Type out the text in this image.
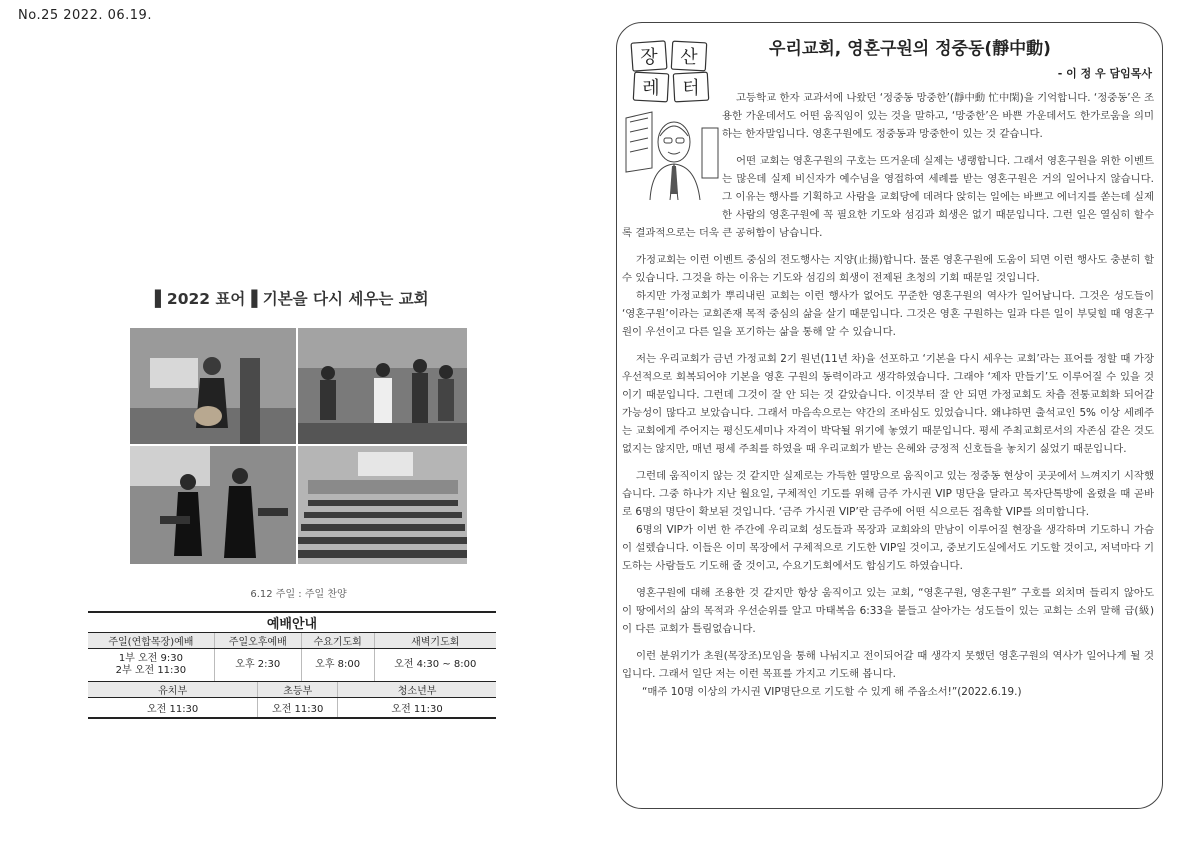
No.25 2022. 06.19.
▌2022 표어▐ 기본을 다시 세우는 교회
6.12 주일 : 주일 찬양
예배안내					
주일(연합목장)예배	주일오후예배		수요기도회		새벽기도회
1부 오전 9:30
2부 오전 11:30	오후 2:30		오후 8:00		오전 4:30 ~ 8:00
유치부		초등부		청소년부	
오전 11:30		오전 11:30		오전 11:30	
장 산
레 터
우리교회, 영혼구원의 정중동(靜中動)
- 이 정 우 담임목사

고등학교 한자 교과서에 나왔던 ‘정중동 망중한’(靜中動 忙中閑)을 기억합니다. ‘정중동’은 조용한 가운데서도 어떤 움직임이 있는 것을 말하고, ‘망중한’은 바쁜 가운데서도 한가로움을 의미하는 한자말입니다. 영혼구원에도 정중동과 망중한이 있는 것 같습니다.

어떤 교회는 영혼구원의 구호는 뜨거운데 실제는 냉랭합니다. 그래서 영혼구원을 위한 이벤트는 많은데 실제 비신자가 예수님을 영접하여 세례를 받는 영혼구원은 거의 일어나지 않습니다. 그 이유는 행사를 기획하고 사람을 교회당에 데려다 앉히는 일에는 바쁘고 에너지를 쏟는데 실제 한 사람의 영혼구원에 꼭 필요한 기도와 섬김과 희생은 없기 때문입니다. 그런 일은 열심히 할수록 결과적으로는 더욱 큰 공허함이 남습니다.

가정교회는 이런 이벤트 중심의 전도행사는 지양(止揚)합니다. 물론 영혼구원에 도움이 되면 이런 행사도 충분히 할 수 있습니다. 그것을 하는 이유는 기도와 섬김의 희생이 전제된 초청의 기회 때문일 것입니다.

하지만 가정교회가 뿌리내린 교회는 이런 행사가 없어도 꾸준한 영혼구원의 역사가 일어납니다. 그것은 성도들이 ‘영혼구원’이라는 교회존재 목적 중심의 삶을 살기 때문입니다. 그것은 영혼 구원하는 일과 다른 일이 부딪힐 때 영혼구원이 우선이고 다른 일을 포기하는 삶을 통해 알 수 있습니다.

저는 우리교회가 금년 가정교회 2기 원년(11년 차)을 선포하고 ‘기본을 다시 세우는 교회’라는 표어를 정할 때 가장 우선적으로 회복되어야 기본을 영혼 구원의 동력이라고 생각하였습니다. 그래야 ‘제자 만들기’도 이루어질 수 있을 것이기 때문입니다. 그런데 그것이 잘 안 되는 것 같았습니다. 이것부터 잘 안 되면 가정교회도 차츰 전통교회화 되어갈 가능성이 많다고 보았습니다. 그래서 마음속으로는 약간의 조바심도 있었습니다. 왜냐하면 출석교인 5% 이상 세례주는 교회에게 주어지는 평신도세미나 자격이 박닥될 위기에 놓였기 때문입니다. 평세 주최교회로서의 자존심 같은 것도 없지는 않지만, 매년 평세 주최를 하였을 때 우리교회가 받는 은혜와 긍정적 신호들을 놓치기 싫었기 때문입니다.

그런데 움직이지 않는 것 같지만 실제로는 가득한 열망으로 움직이고 있는 정중동 현상이 곳곳에서 느껴지기 시작했습니다. 그중 하나가 지난 월요일, 구체적인 기도를 위해 금주 가시권 VIP 명단을 달라고 목자단톡방에 올렸을 때 곧바로 6명의 명단이 확보된 것입니다. ‘금주 가시권 VIP’란 금주에 어떤 식으로든 접촉할 VIP를 의미합니다.

6명의 VIP가 이번 한 주간에 우리교회 성도들과 목장과 교회와의 만남이 이루어질 현장을 생각하며 기도하니 가슴이 설렜습니다. 이들은 이미 목장에서 구체적으로 기도한 VIP일 것이고, 중보기도실에서도 기도할 것이고, 저녁마다 기도하는 사람들도 기도해 줄 것이고, 수요기도회에서도 합심기도 하였습니다.

영혼구원에 대해 조용한 것 같지만 항상 움직이고 있는 교회, “영혼구원, 영혼구원” 구호를 외치며 들리지 않아도 이 땅에서의 삶의 목적과 우선순위를 알고 마태복음 6:33을 붙들고 살아가는 성도들이 있는 교회는 소위 말해 급(級)이 다른 교회가 틀림없습니다.

이런 분위기가 초원(목장조)모임을 통해 나눠지고 전이되어갈 때 생각지 못했던 영혼구원의 역사가 일어나게 될 것입니다. 그래서 일단 저는 이런 목표를 가지고 기도해 봅니다.

“매주 10명 이상의 가시권 VIP명단으로 기도할 수 있게 해 주옵소서!”(2022.6.19.)
